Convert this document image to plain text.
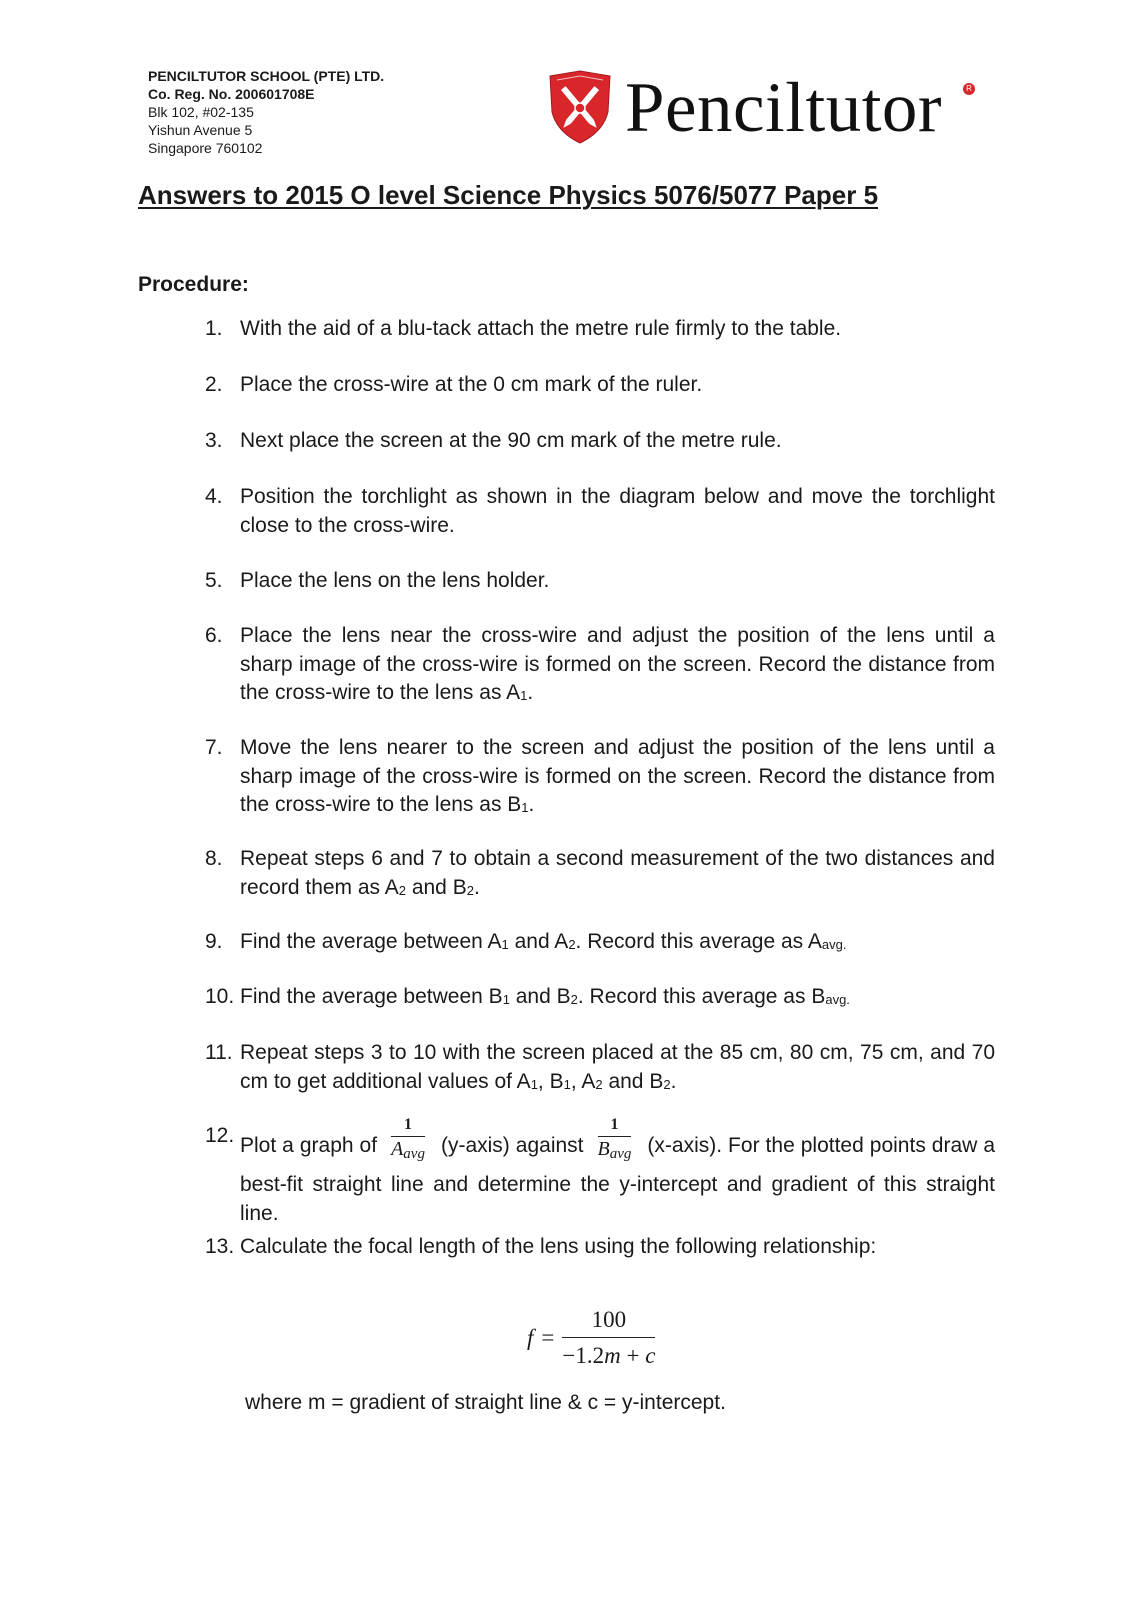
PENCILTUTOR SCHOOL (PTE) LTD.
Co. Reg. No. 200601708E
Blk 102, #02-135
Yishun Avenue 5
Singapore 760102
Penciltutor	R
Answers to 2015 O level Science Physics 5076/5077 Paper 5
Procedure:
1. With the aid of a blu-tack attach the metre rule firmly to the table.
2. Place the cross-wire at the 0 cm mark of the ruler.
3. Next place the screen at the 90 cm mark of the metre rule.
4. Position the torchlight as shown in the diagram below and move the torchlight close to the cross-wire.
5. Place the lens on the lens holder.
6. Place the lens near the cross-wire and adjust the position of the lens until a sharp image of the cross-wire is formed on the screen. Record the distance from the cross-wire to the lens as $A_1$.
7. Move the lens nearer to the screen and adjust the position of the lens until a sharp image of the cross-wire is formed on the screen. Record the distance from the cross-wire to the lens as $B_1$.
8. Repeat steps 6 and 7 to obtain a second measurement of the two distances and record them as $A_2$ and $B_2$.
9. Find the average between $A_1$ and $A_2$. Record this average as $A_{avg.}$
10. Find the average between $B_1$ and $B_2$. Record this average as $B_{avg.}$
11. Repeat steps 3 to 10 with the screen placed at the 85 cm, 80 cm, 75 cm, and 70 cm to get additional values of $A_1$, $B_1$, $A_2$ and $B_2$.
12. Plot a graph of $\frac{1}{A_{avg}}$ (y-axis) against $\frac{1}{B_{avg}}$ (x-axis). For the plotted points draw a best-fit straight line and determine the y-intercept and gradient of this straight line.
13. Calculate the focal length of the lens using the following relationship:
$f = \frac{100}{-1.2m + c}$
where m = gradient of straight line & c = y-intercept.
